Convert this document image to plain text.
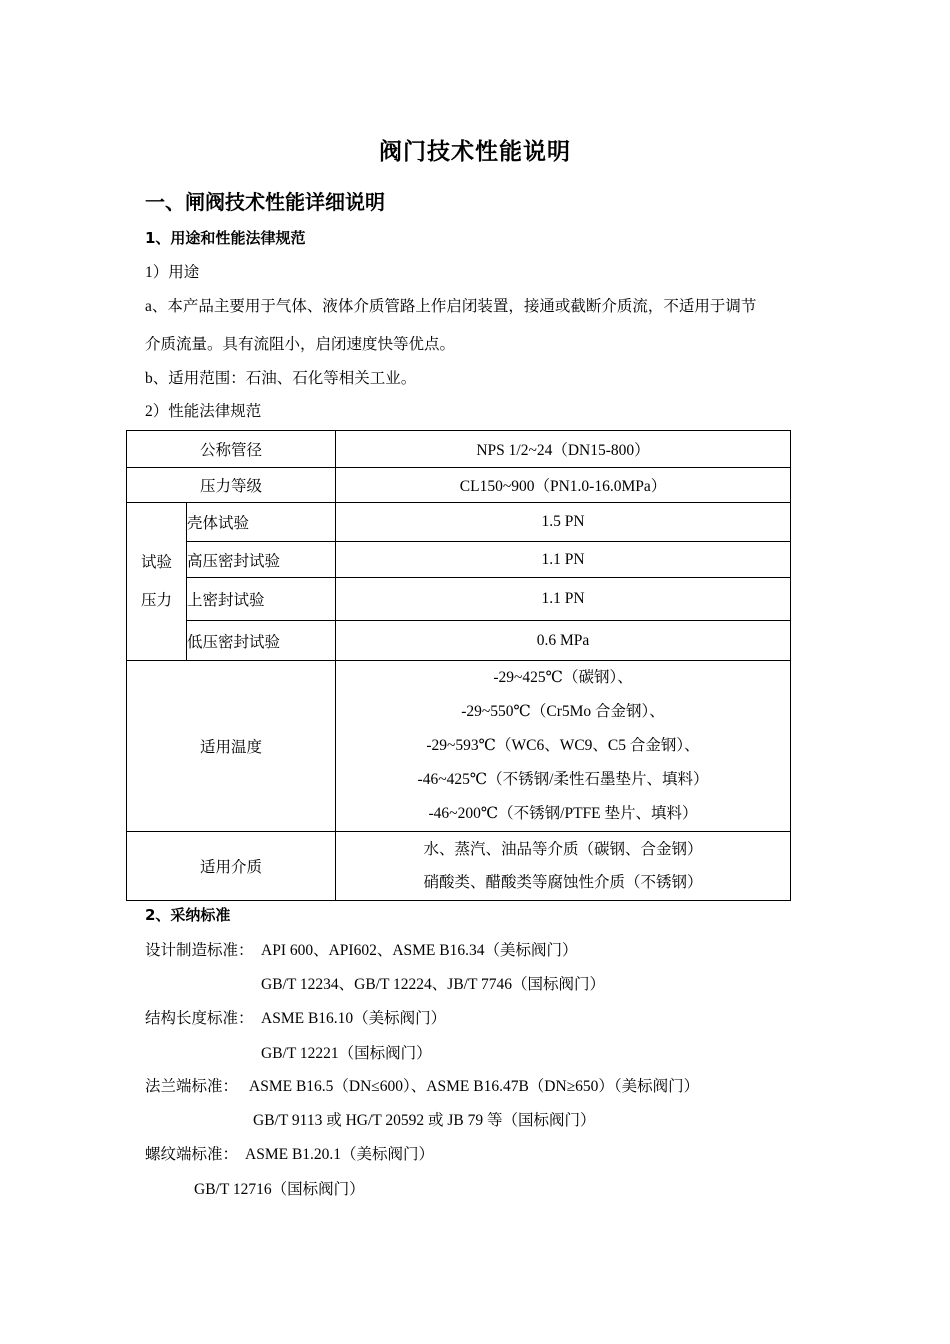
阀门技术性能说明
一、闸阀技术性能详细说明
1、用途和性能法律规范
1）用途
a、本产品主要用于气体、液体介质管路上作启闭装置，接通或截断介质流，不适用于调节
介质流量。具有流阻小，启闭速度快等优点。
b、适用范围：石油、石化等相关工业。
2）性能法律规范
公称管径		NPS 1/2~24（DN15-800）
压力等级		CL150~900（PN1.0-16.0MPa）

试验
压力	壳体试验	1.5 PN
	高压密封试验	1.1 PN
	上密封试验	1.1 PN
	低压密封试验	0.6 MPa
适用温度		-29~425℃（碳钢）、
-29~550℃（Cr5Mo 合金钢）、
-29~593℃（WC6、WC9、C5 合金钢）、
-46~425℃（不锈钢/柔性石墨垫片、填料）
-46~200℃（不锈钢/PTFE 垫片、填料）

适用介质		水、蒸汽、油品等介质（碳钢、合金钢）
硝酸类、醋酸类等腐蚀性介质（不锈钢）
2、采纳标准
设计制造标准： API 600、API602、ASME B16.34（美标阀门）
GB/T 12234、GB/T 12224、JB/T 7746（国标阀门）
结构长度标准： ASME B16.10（美标阀门）
GB/T 12221（国标阀门）
法兰端标准： ASME B16.5（DN≤600）、ASME B16.47B（DN≥650）（美标阀门）
GB/T 9113 或 HG/T 20592 或 JB 79 等（国标阀门）
螺纹端标准： ASME B1.20.1（美标阀门）
GB/T 12716（国标阀门）
